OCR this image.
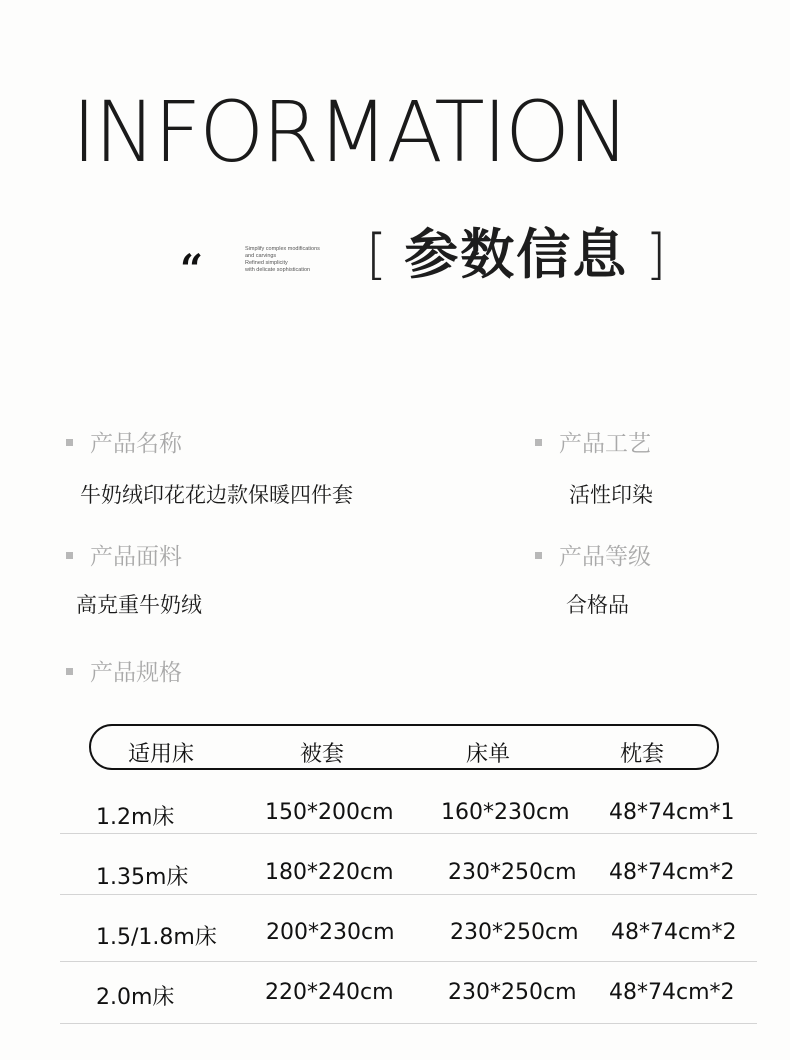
INFORMATION
“	Simplify complex modifications
and carvings
Refined simplicity
with delicate sophistication	[ 参数信息 ]
产品名称
牛奶绒印花花边款保暖四件套
产品工艺
活性印染
产品面料
高克重牛奶绒
产品等级
合格品
产品规格
适用床	被套	床单	枕套
1.2m床	150*200cm 160*230cm 48*74cm*1
1.35m床	180*220cm 230*250cm 48*74cm*2
1.5/1.8m床 200*230cm	230*250cm 48*74cm*2
2.0m床	220*240cm 230*250cm 48*74cm*2
